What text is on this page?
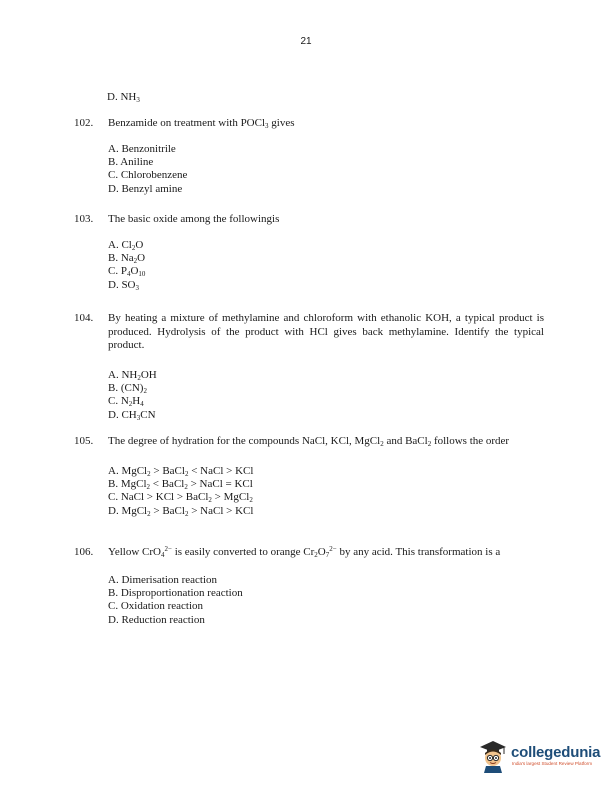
21
D. $NH_3$
102.	Benzamide on treatment with POCl$_3$ gives
A. Benzonitrile
B. Aniline
C. Chlorobenzene
D. Benzyl amine
103.	The basic oxide among the followingis
A. $Cl_2O$
B. $Na_2O$
C. $P_4O_{10}$
D. $SO_3$
104.	By heating a mixture of methylamine and chloroform with ethanolic KOH, a typical product is produced. Hydrolysis of the product with HCl gives back methylamine. Identify the typical product.
A. $NH_2OH$
B. $(CN)_2$
C. $N_2H_4$
D. $CH_3CN$
105.	The degree of hydration for the compounds NaCl, KCl, MgCl$_2$ and BaCl$_2$ follows the order
A. MgCl$_2$ > BaCl$_2$ < NaCl > KCl
B. MgCl$_2$ < BaCl$_2$ > NaCl = KCl
C. NaCl > KCl > BaCl$_2$ > MgCl$_2$
D. MgCl$_2$ > BaCl$_2$ > NaCl > KCl
106.	Yellow CrO$_4^{2-}$ is easily converted to orange $Cr_2O_7^{2-}$ by any acid. This transformation is a
A. Dimerisation reaction
B. Disproportionation reaction
C. Oxidation reaction
D. Reduction reaction
collegedunia
India's largest Student Review Platform
